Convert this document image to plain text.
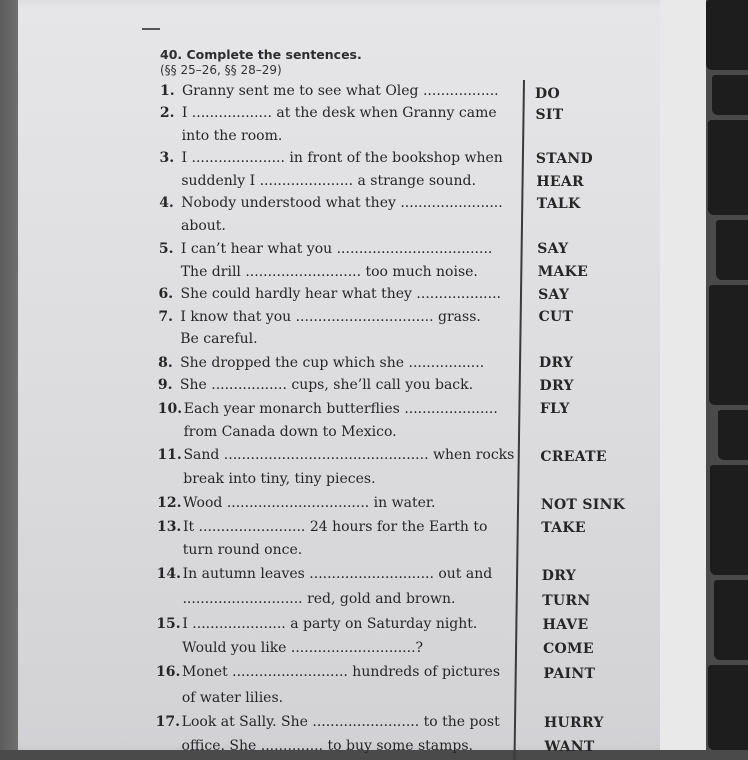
40. Complete the sentences.
(§§ 25–26, §§ 28–29)
1. Granny sent me to see what Oleg .................
2. I .................. at the desk when Granny came
into the room.
3. I ..................... in front of the bookshop when
suddenly I ..................... a strange sound.
4. Nobody understood what they .......................
about.
5. I can’t hear what you ...................................
The drill .......................... too much noise.
6. She could hardly hear what they ...................
7. I know that you ............................... grass.
Be careful.
8. She dropped the cup which she .................
9. She ................. cups, she’ll call you back.
10. Each year monarch butterflies .....................
from Canada down to Mexico.
11. Sand .............................................. when rocks
break into tiny, tiny pieces.
12. Wood ................................ in water.
13. It ........................ 24 hours for the Earth to
turn round once.
14. In autumn leaves ............................ out and
........................... red, gold and brown.
15. I ..................... a party on Saturday night.
Would you like ............................?
16. Monet .......................... hundreds of pictures
of water lilies.
17. Look at Sally. She ........................ to the post
office. She .............. to buy some stamps.
DO
SIT
STAND
HEAR
TALK
SAY
MAKE
SAY
CUT
DRY
DRY
FLY
CREATE
NOT SINK
TAKE
DRY
TURN
HAVE
COME
PAINT
HURRY
WANT
